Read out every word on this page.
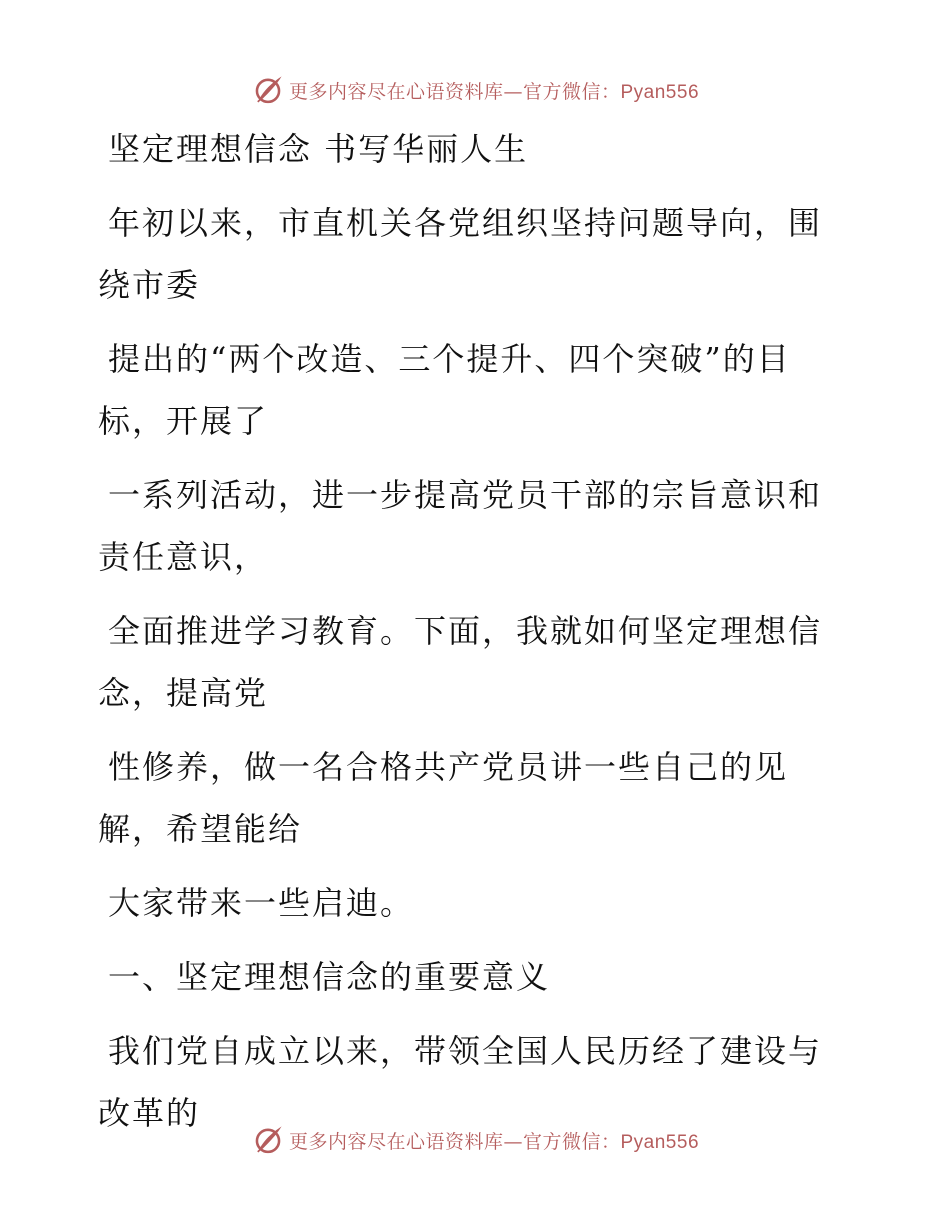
更多内容尽在心语资料库—官方微信：Pyan556
坚定理想信念 书写华丽人生
年初以来，市直机关各党组织坚持问题导向，围
绕市委
提出的“两个改造、三个提升、四个突破”的目
标，开展了
一系列活动，进一步提高党员干部的宗旨意识和
责任意识，
全面推进学习教育。下面，我就如何坚定理想信
念，提高党
性修养，做一名合格共产党员讲一些自己的见
解，希望能给
大家带来一些启迪。
一、坚定理想信念的重要意义
我们党自成立以来，带领全国人民历经了建设与
改革的
更多内容尽在心语资料库—官方微信：Pyan556
